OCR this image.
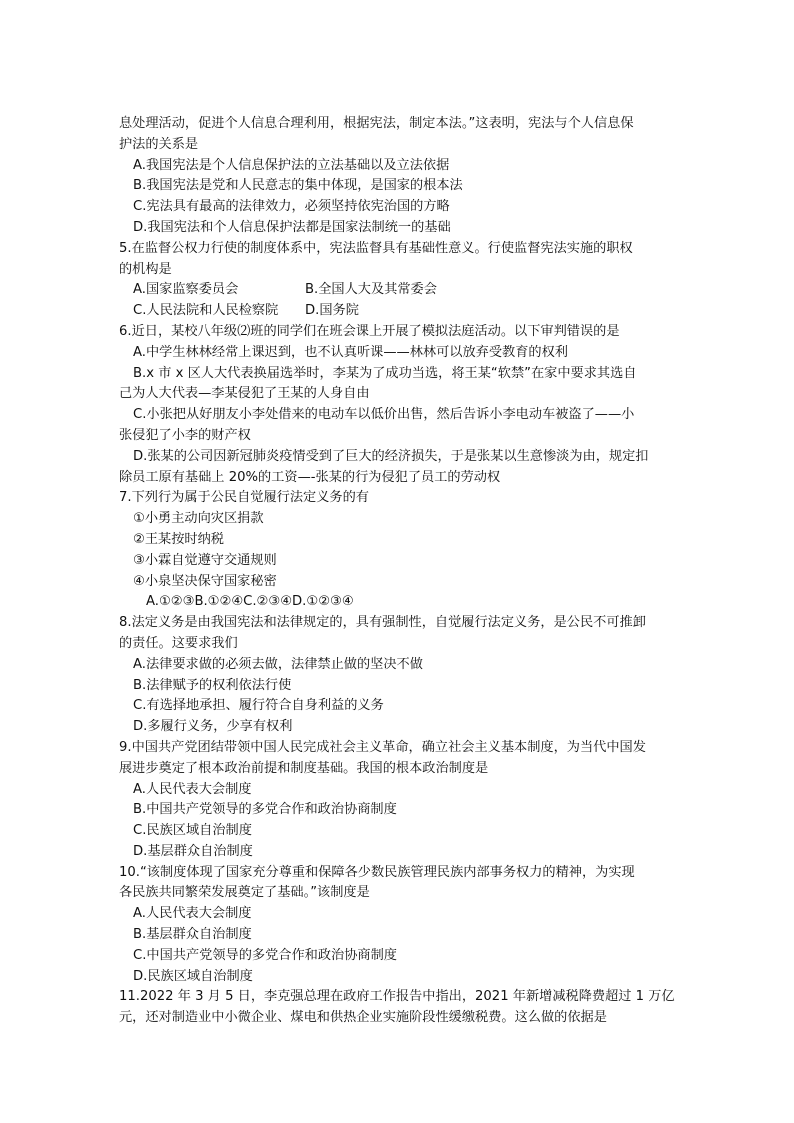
息处理活动，促进个人信息合理利用，根据宪法，制定本法。”这表明，宪法与个人信息保
护法的关系是
A.我国宪法是个人信息保护法的立法基础以及立法依据
B.我国宪法是党和人民意志的集中体现，是国家的根本法
C.宪法具有最高的法律效力，必须坚持依宪治国的方略
D.我国宪法和个人信息保护法都是国家法制统一的基础
5.在监督公权力行使的制度体系中，宪法监督具有基础性意义。行使监督宪法实施的职权
的机构是
A.国家监察委员会	B.全国人大及其常委会
C.人民法院和人民检察院 D.国务院
6.近日，某校八年级⑵班的同学们在班会课上开展了模拟法庭活动。以下审判错误的是
A.中学生林林经常上课迟到，也不认真听课——林林可以放弃受教育的权利
B.x 市 x 区人大代表换届选举时，李某为了成功当选，将王某“软禁”在家中要求其选自
己为人大代表—李某侵犯了王某的人身自由
C.小张把从好朋友小李处借来的电动车以低价出售，然后告诉小李电动车被盗了——小
张侵犯了小李的财产权
D.张某的公司因新冠肺炎疫情受到了巨大的经济损失，于是张某以生意惨淡为由，规定扣
除员工原有基础上 20%的工资—-张某的行为侵犯了员工的劳动权
7.下列行为属于公民自觉履行法定义务的有
①小勇主动向灾区捐款
②王某按时纳税
③小霖自觉遵守交通规则
④小泉坚决保守国家秘密
A.①②③B.①②④C.②③④D.①②③④
8.法定义务是由我国宪法和法律规定的，具有强制性，自觉履行法定义务，是公民不可推卸
的责任。这要求我们
A.法律要求做的必须去做，法律禁止做的坚决不做
B.法律赋予的权利依法行使
C.有选择地承担、履行符合自身利益的义务
D.多履行义务，少享有权利
9.中国共产党团结带领中国人民完成社会主义革命，确立社会主义基本制度，为当代中国发
展进步奠定了根本政治前提和制度基础。我国的根本政治制度是
A.人民代表大会制度
B.中国共产党领导的多党合作和政治协商制度
C.民族区域自治制度
D.基层群众自治制度
10.“该制度体现了国家充分尊重和保障各少数民族管理民族内部事务权力的精神，为实现
各民族共同繁荣发展奠定了基础。”该制度是
A.人民代表大会制度
B.基层群众自治制度
C.中国共产党领导的多党合作和政治协商制度
D.民族区域自治制度
11.2022 年 3 月 5 日，李克强总理在政府工作报告中指出，2021 年新增减税降费超过 1 万亿
元，还对制造业中小微企业、煤电和供热企业实施阶段性缓缴税费。这么做的依据是
